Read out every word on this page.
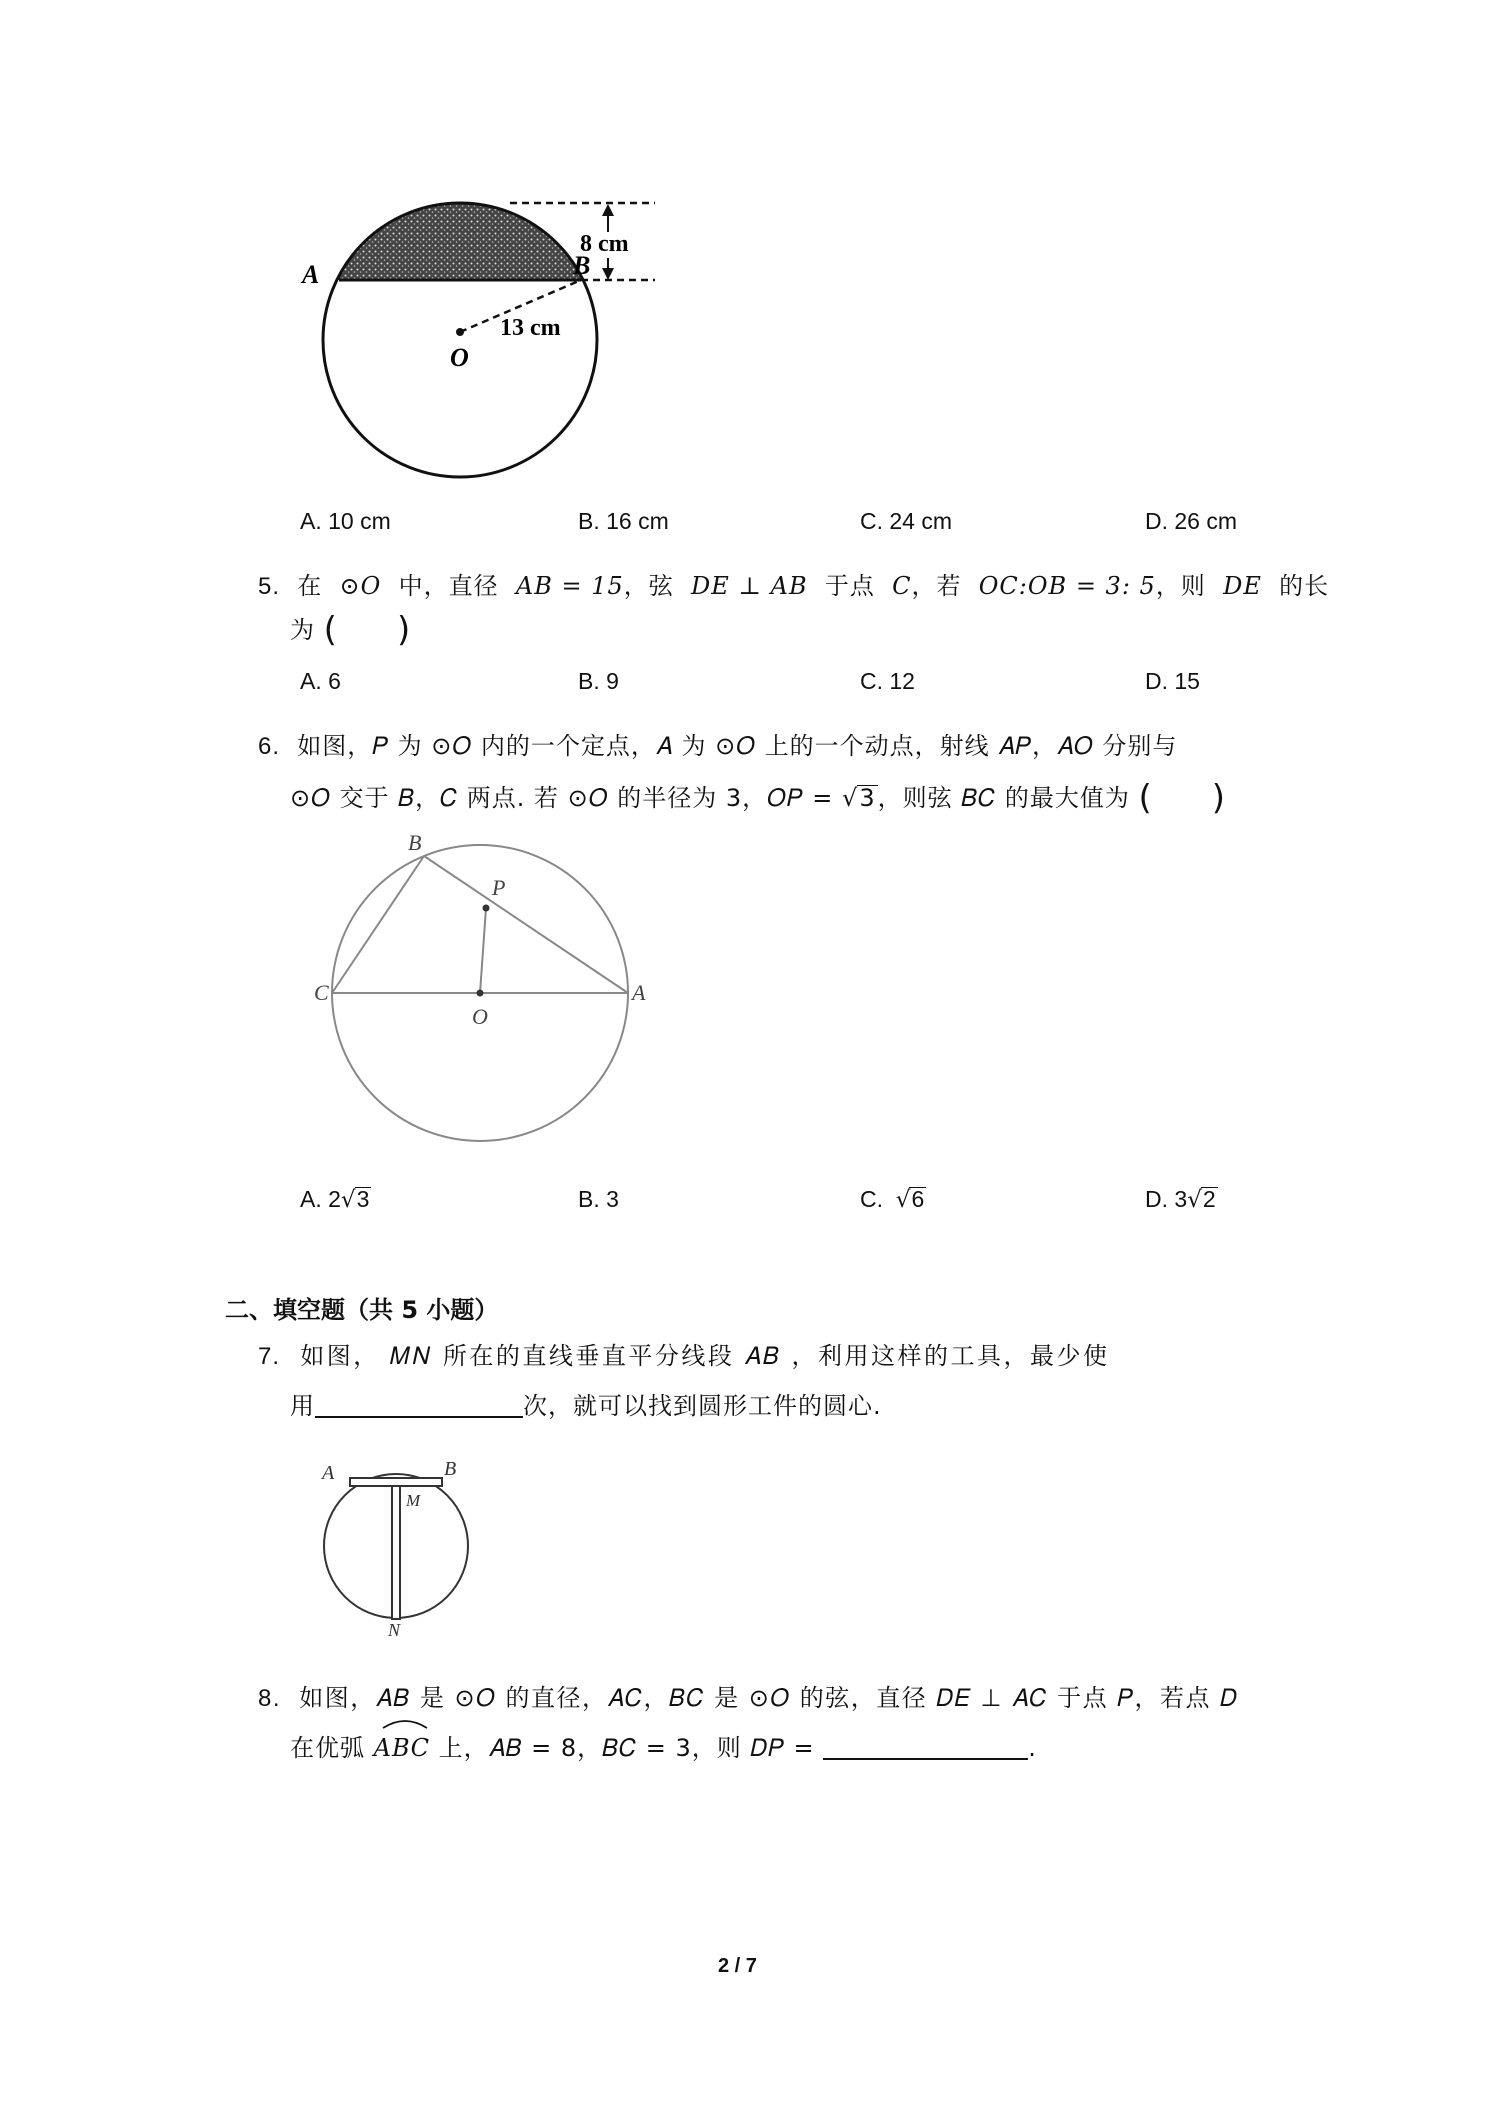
A	B
O
8 cm
13 cm
A. 10 cm	B. 16 cm	C. 24 cm	D. 26 cm
5. 在 ⊙𝑂 中，直径 𝐴𝐵 = 15，弦 𝐷𝐸 ⊥ 𝐴𝐵 于点 𝐶，若 𝑂𝐶:𝑂𝐵 = 3: 5，则 𝐷𝐸 的长
为 (     )
A. 6	B. 9	C. 12	D. 15
6. 如图，𝑃 为 ⊙𝑂 内的一个定点，𝐴 为 ⊙𝑂 上的一个动点，射线 𝐴𝑃，𝐴𝑂 分别与
⊙𝑂 交于 𝐵，𝐶 两点. 若 ⊙𝑂 的半径为 3，𝑂𝑃 = √3，则弦 𝐵𝐶 的最大值为 (     )
B
P
C
O
A
A. 2√3	B. 3	C.  √6	D. 3√2
二、填空题（共 5 小题）
7. 如图， 𝑀𝑁 所在的直线垂直平分线段 𝐴𝐵 ，利用这样的工具，最少使
用	次，就可以找到圆形工件的圆心.
A	B
M
N
8. 如图，𝐴𝐵 是 ⊙𝑂 的直径，𝐴𝐶，𝐵𝐶 是 ⊙𝑂 的弦，直径 𝐷𝐸 ⊥ 𝐴𝐶 于点 𝑃，若点 𝐷
在优弧 𝐴𝐵𝐶 上，𝐴𝐵 = 8，𝐵𝐶 = 3，则 𝐷𝑃 =	.
2 / 7
